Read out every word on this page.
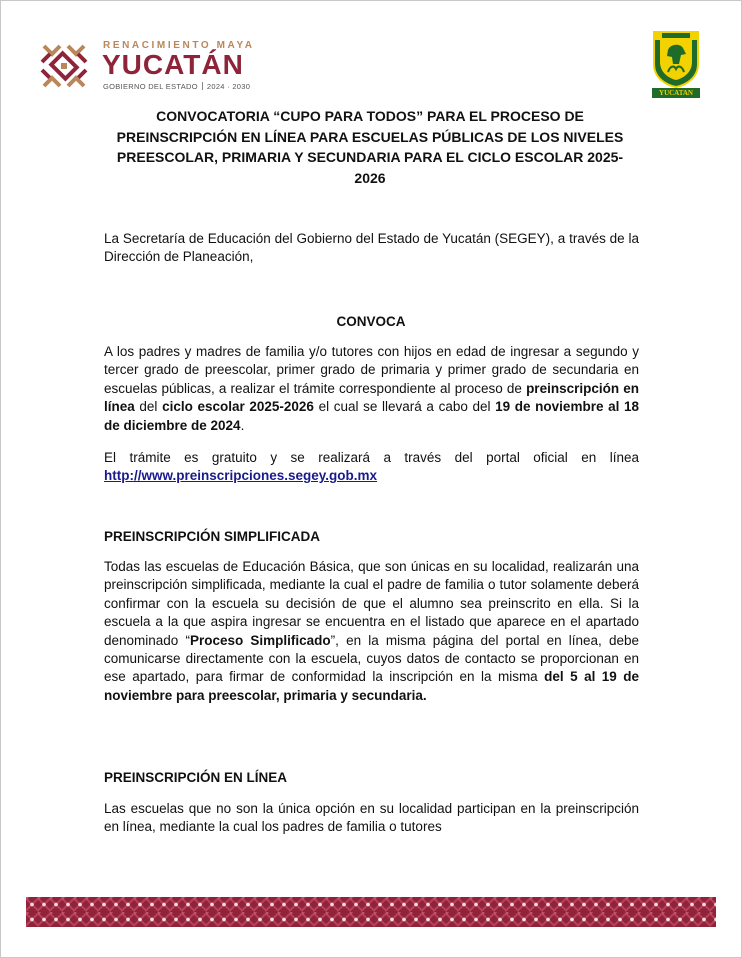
RENACIMIENTO MAYA
YUCATÁN
GOBIERNO DEL ESTADO 2024 · 2030
YUCATAN
CONVOCATORIA “CUPO PARA TODOS” PARA EL PROCESO DE PREINSCRIPCIÓN EN LÍNEA PARA ESCUELAS PÚBLICAS DE LOS NIVELES PREESCOLAR, PRIMARIA Y SECUNDARIA PARA EL CICLO ESCOLAR 2025-2026

La Secretaría de Educación del Gobierno del Estado de Yucatán (SEGEY), a través de la Dirección de Planeación,

CONVOCA

A los padres y madres de familia y/o tutores con hijos en edad de ingresar a segundo y tercer grado de preescolar, primer grado de primaria y primer grado de secundaria en escuelas públicas, a realizar el trámite correspondiente al proceso de preinscripción en línea del ciclo escolar 2025-2026 el cual se llevará a cabo del 19 de noviembre al 18 de diciembre de 2024.

El trámite es gratuito y se realizará a través del portal oficial en línea http://www.preinscripciones.segey.gob.mx

PREINSCRIPCIÓN SIMPLIFICADA

Todas las escuelas de Educación Básica, que son únicas en su localidad, realizarán una preinscripción simplificada, mediante la cual el padre de familia o tutor solamente deberá confirmar con la escuela su decisión de que el alumno sea preinscrito en ella. Si la escuela a la que aspira ingresar se encuentra en el listado que aparece en el apartado denominado “Proceso Simplificado”, en la misma página del portal en línea, debe comunicarse directamente con la escuela, cuyos datos de contacto se proporcionan en ese apartado, para firmar de conformidad la inscripción en la misma del 5 al 19 de noviembre para preescolar, primaria y secundaria.

PREINSCRIPCIÓN EN LÍNEA

Las escuelas que no son la única opción en su localidad participan en la preinscripción en línea, mediante la cual los padres de familia o tutores
